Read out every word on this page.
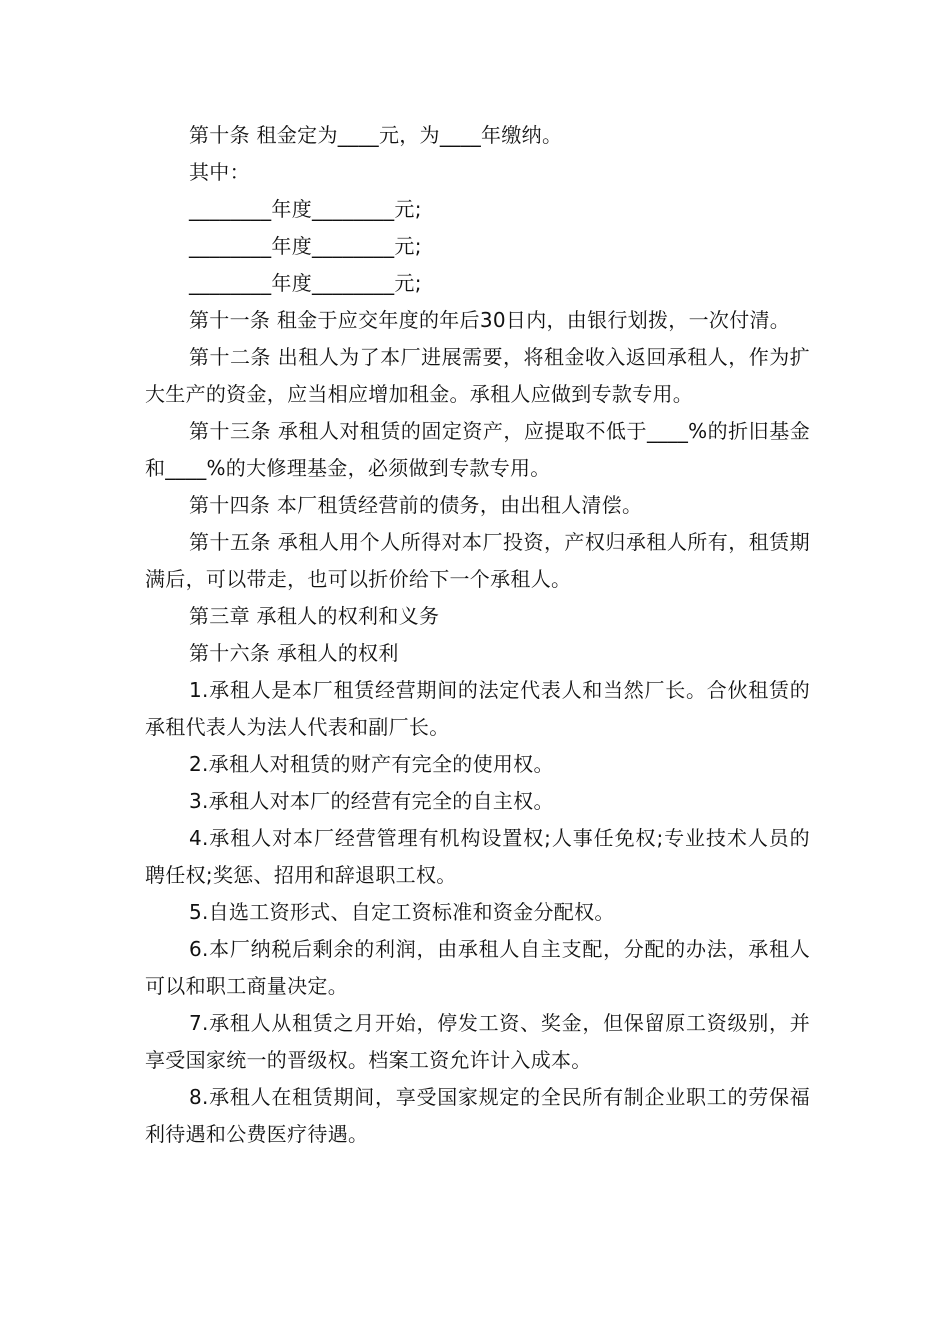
第十条 租金定为____元，为____年缴纳。

其中：

________年度________元;

________年度________元;

________年度________元;

第十一条 租金于应交年度的年后30日内，由银行划拨，一次付清。

第十二条 出租人为了本厂进展需要，将租金收入返回承租人，作为扩大生产的资金，应当相应增加租金。承租人应做到专款专用。

第十三条 承租人对租赁的固定资产，应提取不低于____%的折旧基金和____%的大修理基金，必须做到专款专用。

第十四条 本厂租赁经营前的债务，由出租人清偿。

第十五条 承租人用个人所得对本厂投资，产权归承租人所有，租赁期满后，可以带走，也可以折价给下一个承租人。

第三章 承租人的权利和义务

第十六条 承租人的权利

1.承租人是本厂租赁经营期间的法定代表人和当然厂长。合伙租赁的承租代表人为法人代表和副厂长。

2.承租人对租赁的财产有完全的使用权。

3.承租人对本厂的经营有完全的自主权。

4.承租人对本厂经营管理有机构设置权;人事任免权;专业技术人员的聘任权;奖惩、招用和辞退职工权。

5.自选工资形式、自定工资标准和资金分配权。

6.本厂纳税后剩余的利润，由承租人自主支配，分配的办法，承租人可以和职工商量决定。

7.承租人从租赁之月开始，停发工资、奖金，但保留原工资级别，并享受国家统一的晋级权。档案工资允许计入成本。

8.承租人在租赁期间，享受国家规定的全民所有制企业职工的劳保福利待遇和公费医疗待遇。
